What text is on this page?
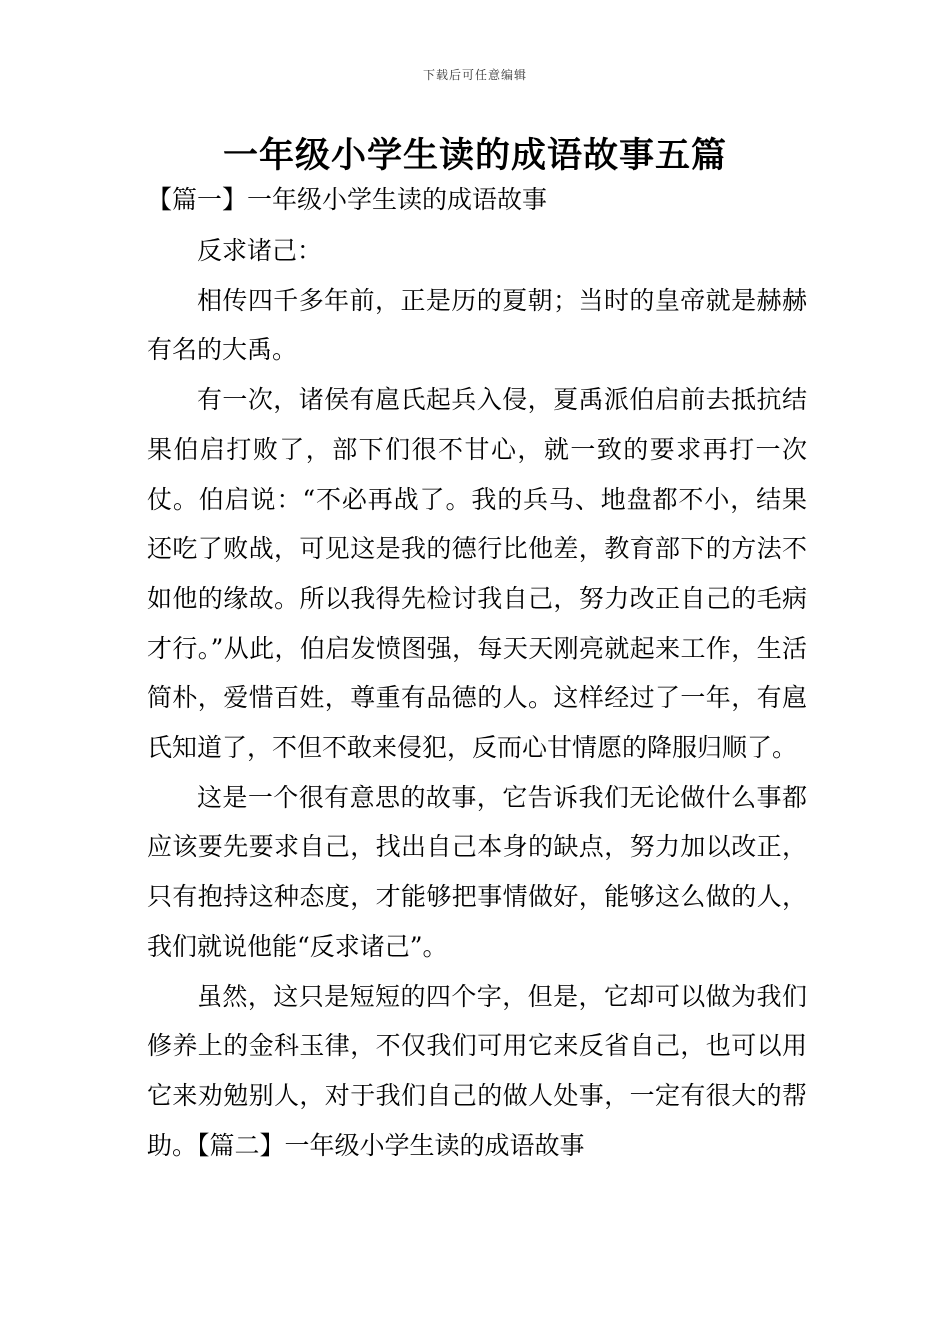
下载后可任意编辑
一年级小学生读的成语故事五篇
【篇一】一年级小学生读的成语故事

反求诸己：

相传四千多年前，正是历的夏朝；当时的皇帝就是赫赫有名的大禹。

有一次，诸侯有扈氏起兵入侵，夏禹派伯启前去抵抗结果伯启打败了，部下们很不甘心，就一致的要求再打一次仗。伯启说：“不必再战了。我的兵马、地盘都不小，结果还吃了败战，可见这是我的德行比他差，教育部下的方法不如他的缘故。所以我得先检讨我自己，努力改正自己的毛病才行。”从此，伯启发愤图强，每天天刚亮就起来工作，生活简朴，爱惜百姓，尊重有品德的人。这样经过了一年，有扈氏知道了，不但不敢来侵犯，反而心甘情愿的降服归顺了。

这是一个很有意思的故事，它告诉我们无论做什么事都应该要先要求自己，找出自己本身的缺点，努力加以改正，只有抱持这种态度，才能够把事情做好，能够这么做的人，我们就说他能“反求诸己”。

虽然，这只是短短的四个字，但是，它却可以做为我们修养上的金科玉律，不仅我们可用它来反省自己，也可以用它来劝勉别人，对于我们自己的做人处事，一定有很大的帮助。【篇二】一年级小学生读的成语故事
